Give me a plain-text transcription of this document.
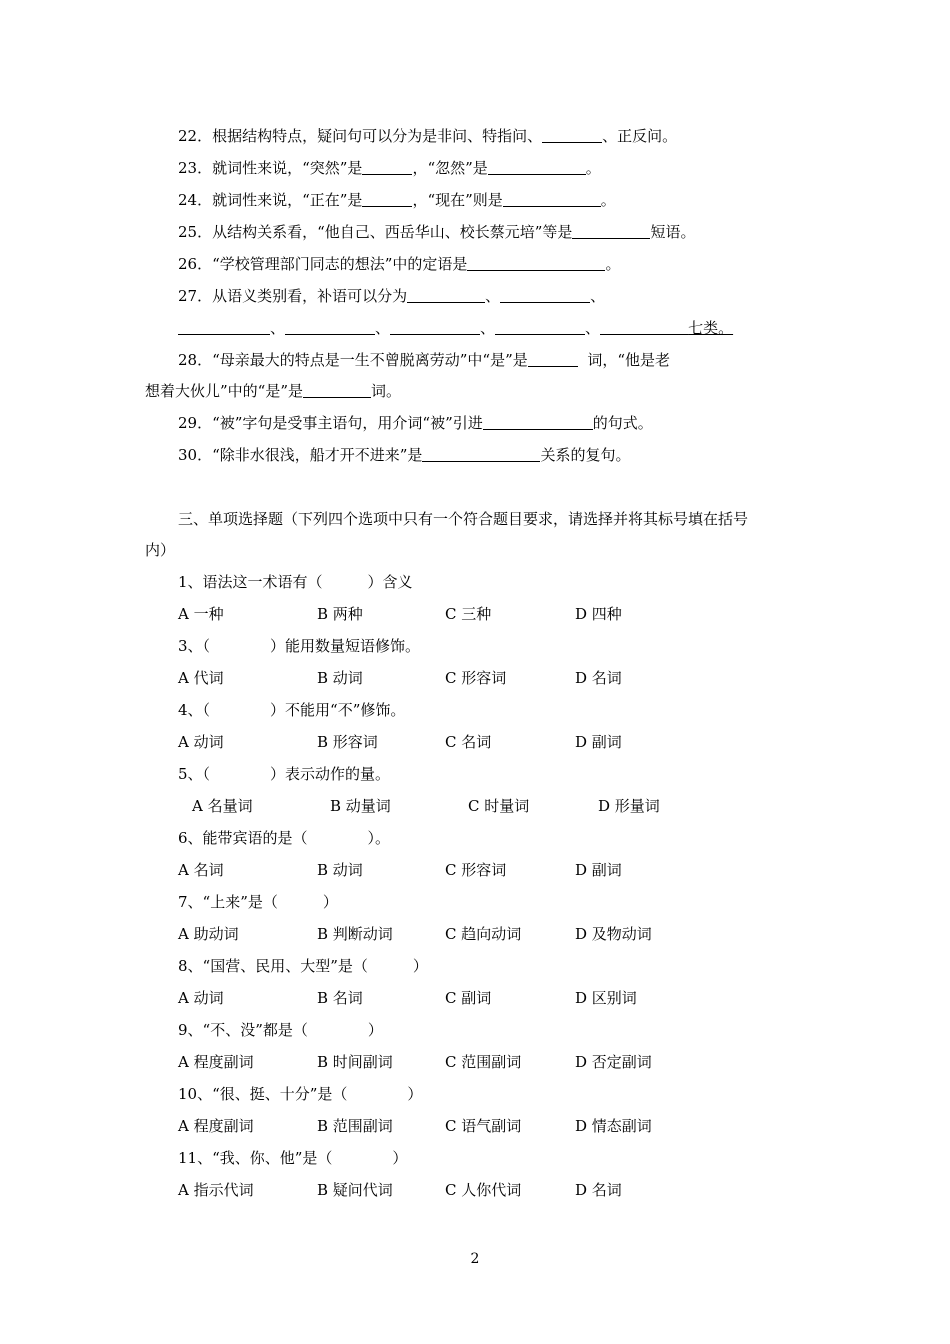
22．根据结构特点，疑问句可以分为是非问、特指问、	、正反问。
23．就词性来说，“突然”是	，“忽然”是	。
24．就词性来说，“正在”是	，“现在”则是	。
25．从结构关系看，“他自己、西岳华山、校长蔡元培”等是	短语。
26．“学校管理部门同志的想法”中的定语是	。
27．从语义类别看，补语可以分为	、	、
、	、	、	、	七类。
28．“母亲最大的特点是一生不曾脱离劳动”中“是”是	词，“他是老
想着大伙儿”中的“是”是	词。
29．“被”字句是受事主语句，用介词“被”引进	的句式。
30．“除非水很浅，船才开不进来”是	关系的复句。
三、单项选择题（下列四个选项中只有一个符合题目要求，请选择并将其标号填在括号
内）
1、语法这一术语有（　　　）含义
A 一种	B 两种	C 三种	D 四种
3、（　　　　）能用数量短语修饰。
A 代词	B 动词	C 形容词	D 名词
4、（　　　　）不能用“不”修饰。
A 动词	B 形容词	C 名词	D 副词
5、（　　　　）表示动作的量。
A 名量词	B 动量词	C 时量词	D 形量词
6、能带宾语的是（　　　　）。
A 名词	B 动词	C 形容词	D 副词
7、“上来”是（　　　）
A 助动词	B 判断动词	C 趋向动词	D 及物动词
8、“国营、民用、大型”是（　　　）
A 动词	B 名词	C 副词	D 区别词
9、“不、没”都是（　　　　）
A 程度副词	B 时间副词	C 范围副词	D 否定副词
10、“很、挺、十分”是（　　　　）
A 程度副词	B 范围副词	C 语气副词	D 情态副词
11、“我、你、他”是（　　　　）
A 指示代词	B 疑问代词	C 人你代词	D 名词
2
